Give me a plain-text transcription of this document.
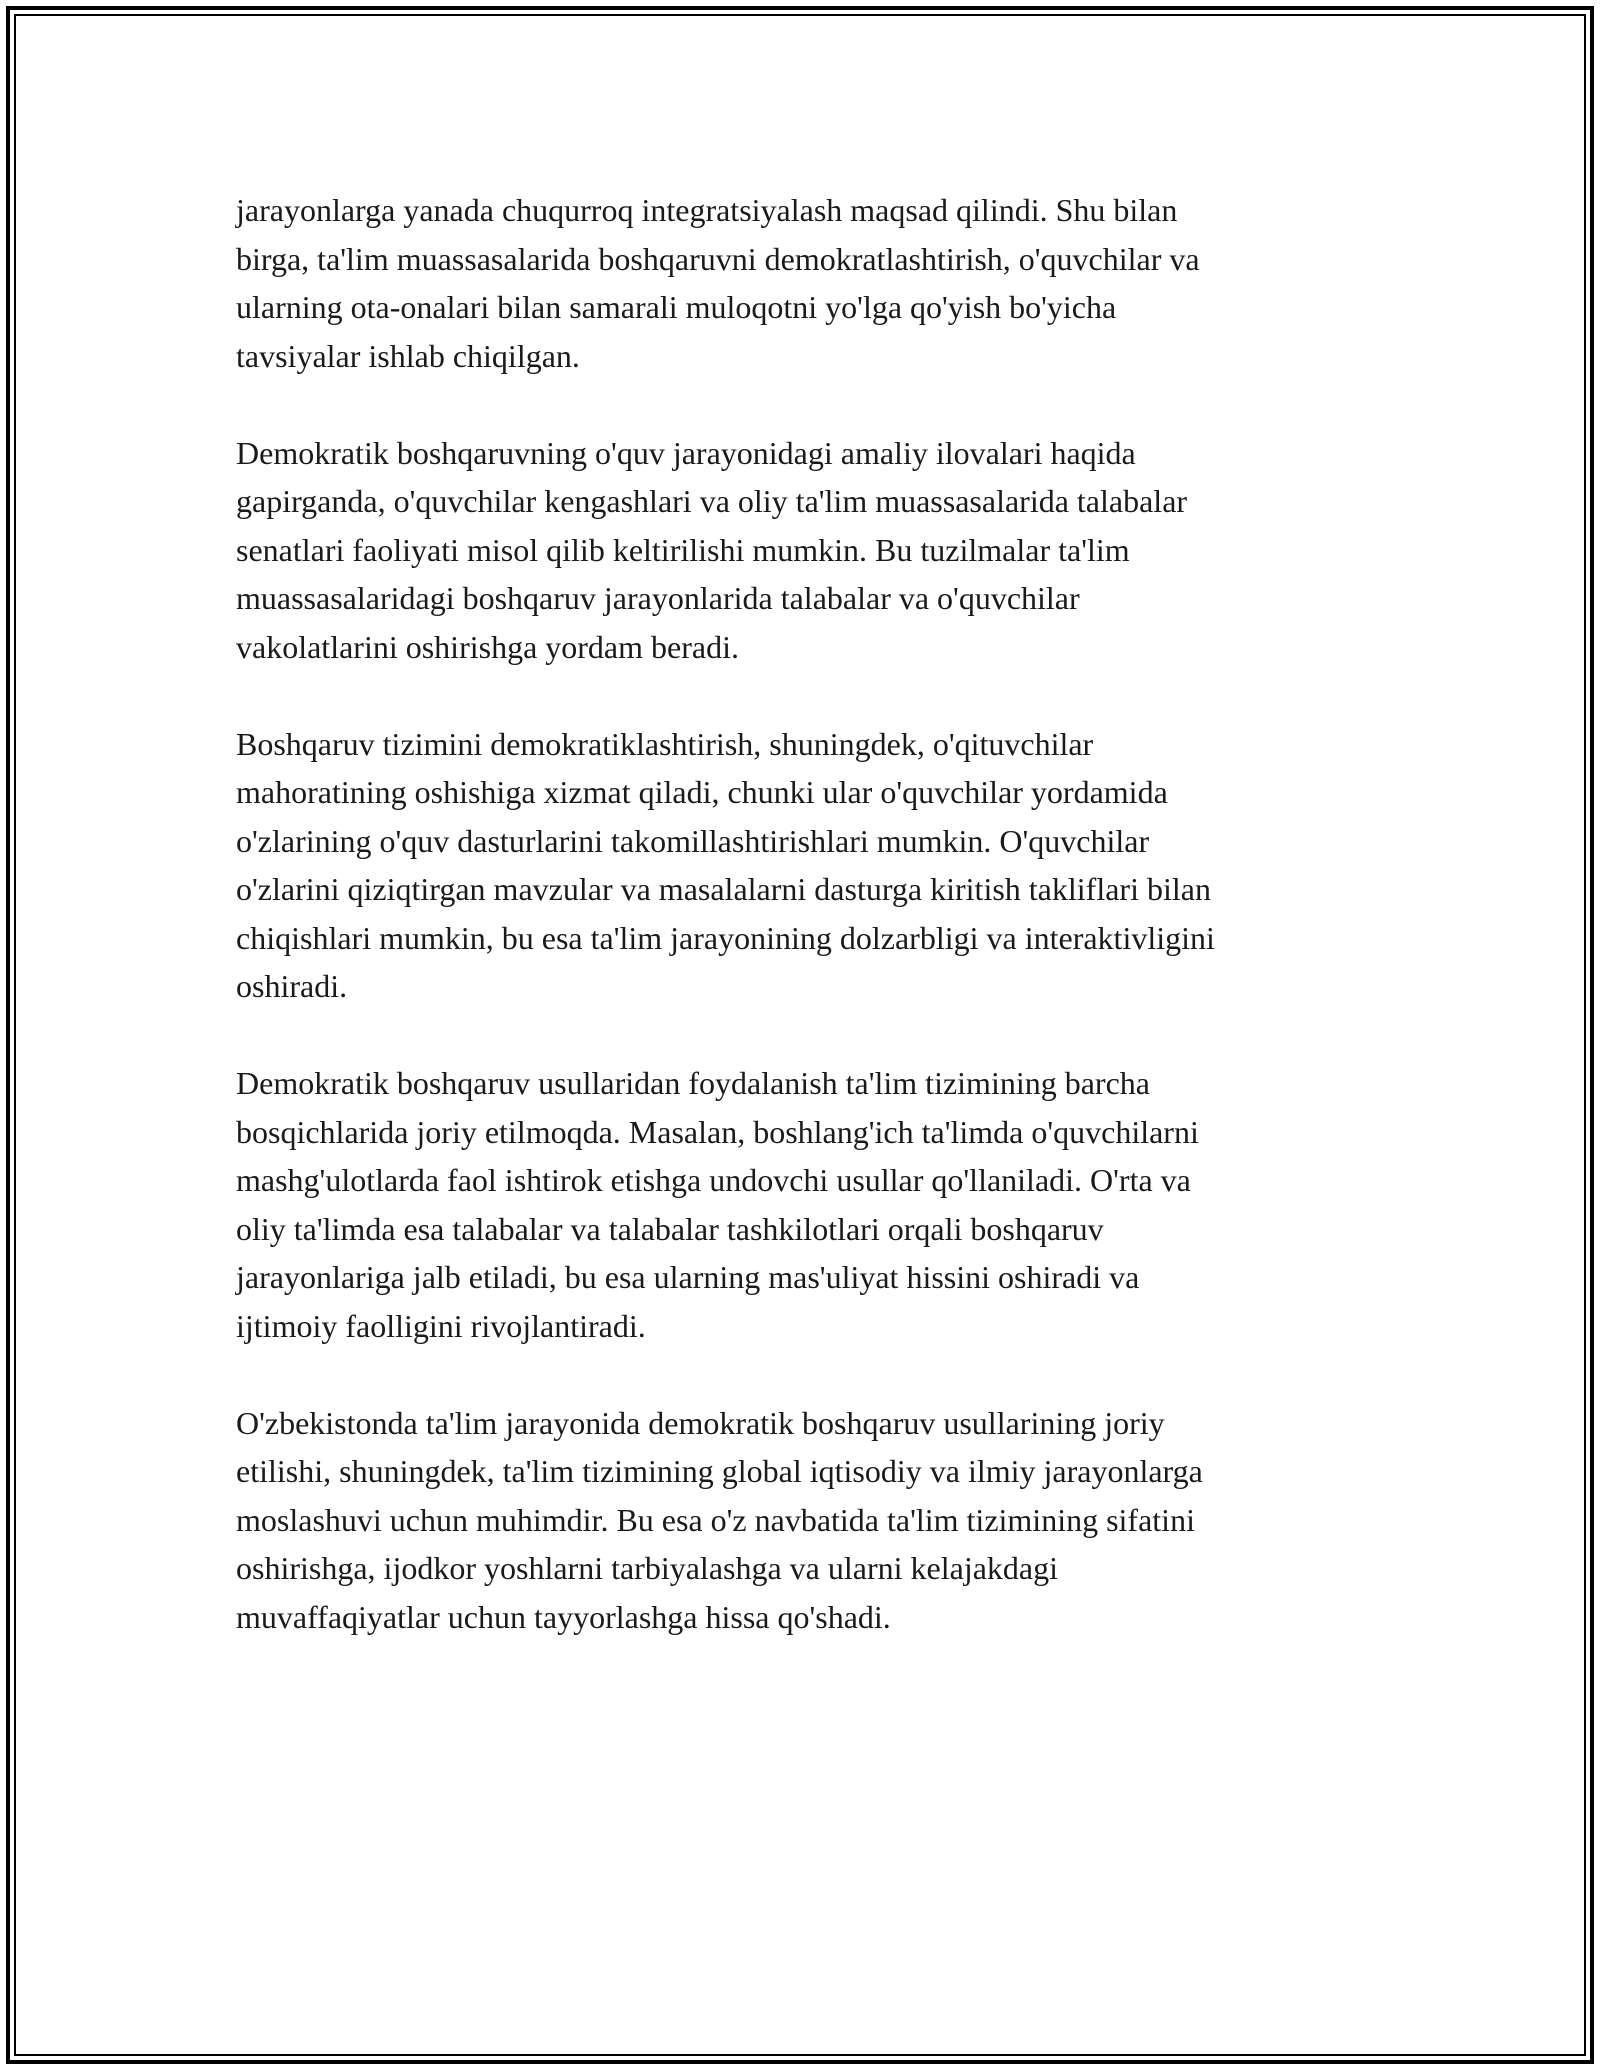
jarayonlarga yanada chuqurroq integratsiyalash maqsad qilindi. Shu bilan
birga, ta'lim muassasalarida boshqaruvni demokratlashtirish, o'quvchilar va
ularning ota-onalari bilan samarali muloqotni yo'lga qo'yish bo'yicha
tavsiyalar ishlab chiqilgan.

Demokratik boshqaruvning o'quv jarayonidagi amaliy ilovalari haqida
gapirganda, o'quvchilar kengashlari va oliy ta'lim muassasalarida talabalar
senatlari faoliyati misol qilib keltirilishi mumkin. Bu tuzilmalar ta'lim
muassasalaridagi boshqaruv jarayonlarida talabalar va o'quvchilar
vakolatlarini oshirishga yordam beradi.

Boshqaruv tizimini demokratiklashtirish, shuningdek, o'qituvchilar
mahoratining oshishiga xizmat qiladi, chunki ular o'quvchilar yordamida
o'zlarining o'quv dasturlarini takomillashtirishlari mumkin. O'quvchilar
o'zlarini qiziqtirgan mavzular va masalalarni dasturga kiritish takliflari bilan
chiqishlari mumkin, bu esa ta'lim jarayonining dolzarbligi va interaktivligini
oshiradi.

Demokratik boshqaruv usullaridan foydalanish ta'lim tizimining barcha
bosqichlarida joriy etilmoqda. Masalan, boshlang'ich ta'limda o'quvchilarni
mashg'ulotlarda faol ishtirok etishga undovchi usullar qo'llaniladi. O'rta va
oliy ta'limda esa talabalar va talabalar tashkilotlari orqali boshqaruv
jarayonlariga jalb etiladi, bu esa ularning mas'uliyat hissini oshiradi va
ijtimoiy faolligini rivojlantiradi.

O'zbekistonda ta'lim jarayonida demokratik boshqaruv usullarining joriy
etilishi, shuningdek, ta'lim tizimining global iqtisodiy va ilmiy jarayonlarga
moslashuvi uchun muhimdir. Bu esa o'z navbatida ta'lim tizimining sifatini
oshirishga, ijodkor yoshlarni tarbiyalashga va ularni kelajakdagi
muvaffaqiyatlar uchun tayyorlashga hissa qo'shadi.
